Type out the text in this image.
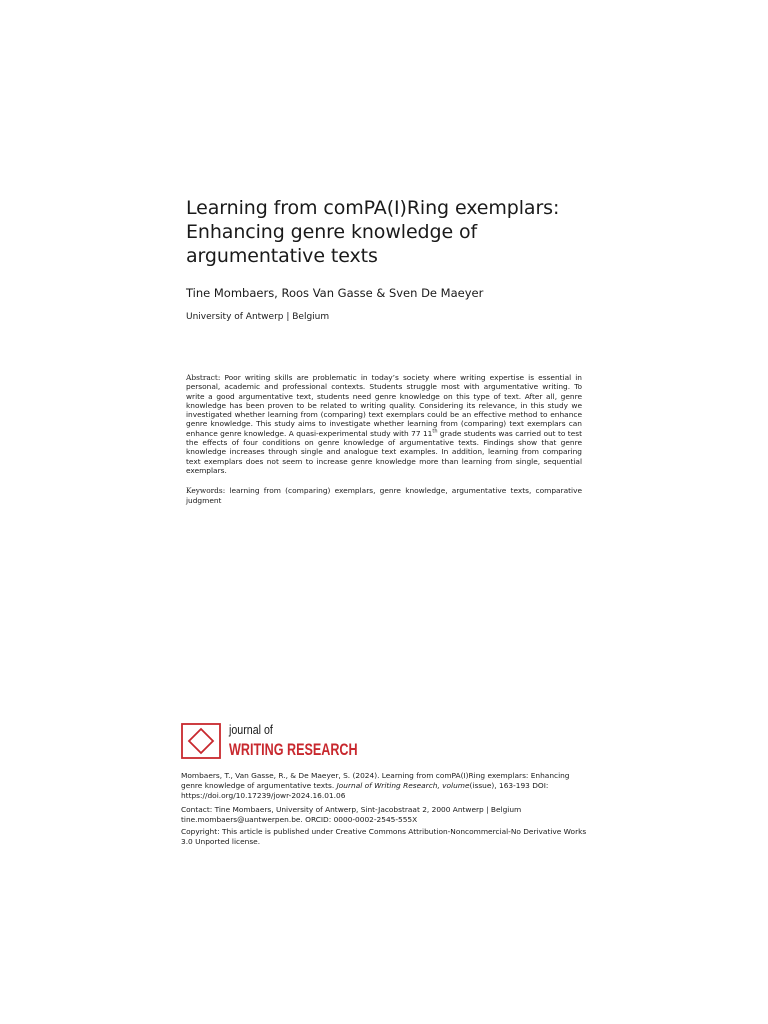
Learning from comPA(I)Ring exemplars:
Enhancing genre knowledge of
argumentative texts
Tine Mombaers, Roos Van Gasse & Sven De Maeyer
University of Antwerp | Belgium
Abstract: Poor writing skills are problematic in today’s society where writing expertise is essential in personal, academic and professional contexts. Students struggle most with argumentative writing. To write a good argumentative text, students need genre knowledge on this type of text. After all, genre knowledge has been proven to be related to writing quality. Considering its relevance, in this study we investigated whether learning from (comparing) text exemplars could be an effective method to enhance genre knowledge. This study aims to investigate whether learning from (comparing) text exemplars can enhance genre knowledge. A quasi-experimental study with 77 11th grade students was carried out to test the effects of four conditions on genre knowledge of argumentative texts. Findings show that genre knowledge increases through single and analogue text examples. In addition, learning from comparing text exemplars does not seem to increase genre knowledge more than learning from single, sequential exemplars.
Keywords: learning from (comparing) exemplars, genre knowledge, argumentative texts, comparative judgment
journal of
WRITING RESEARCH

Mombaers, T., Van Gasse, R., & De Maeyer, S. (2024). Learning from comPA(I)Ring exemplars: Enhancing genre knowledge of argumentative texts. Journal of Writing Research, volume(issue), 163-193 DOI: https://doi.org/10.17239/jowr-2024.16.01.06

Contact: Tine Mombaers, University of Antwerp, Sint-Jacobstraat 2, 2000 Antwerp | Belgium tine.mombaers@uantwerpen.be. ORCID: 0000-0002-2545-555X

Copyright: This article is published under Creative Commons Attribution-Noncommercial-No Derivative Works 3.0 Unported license.
